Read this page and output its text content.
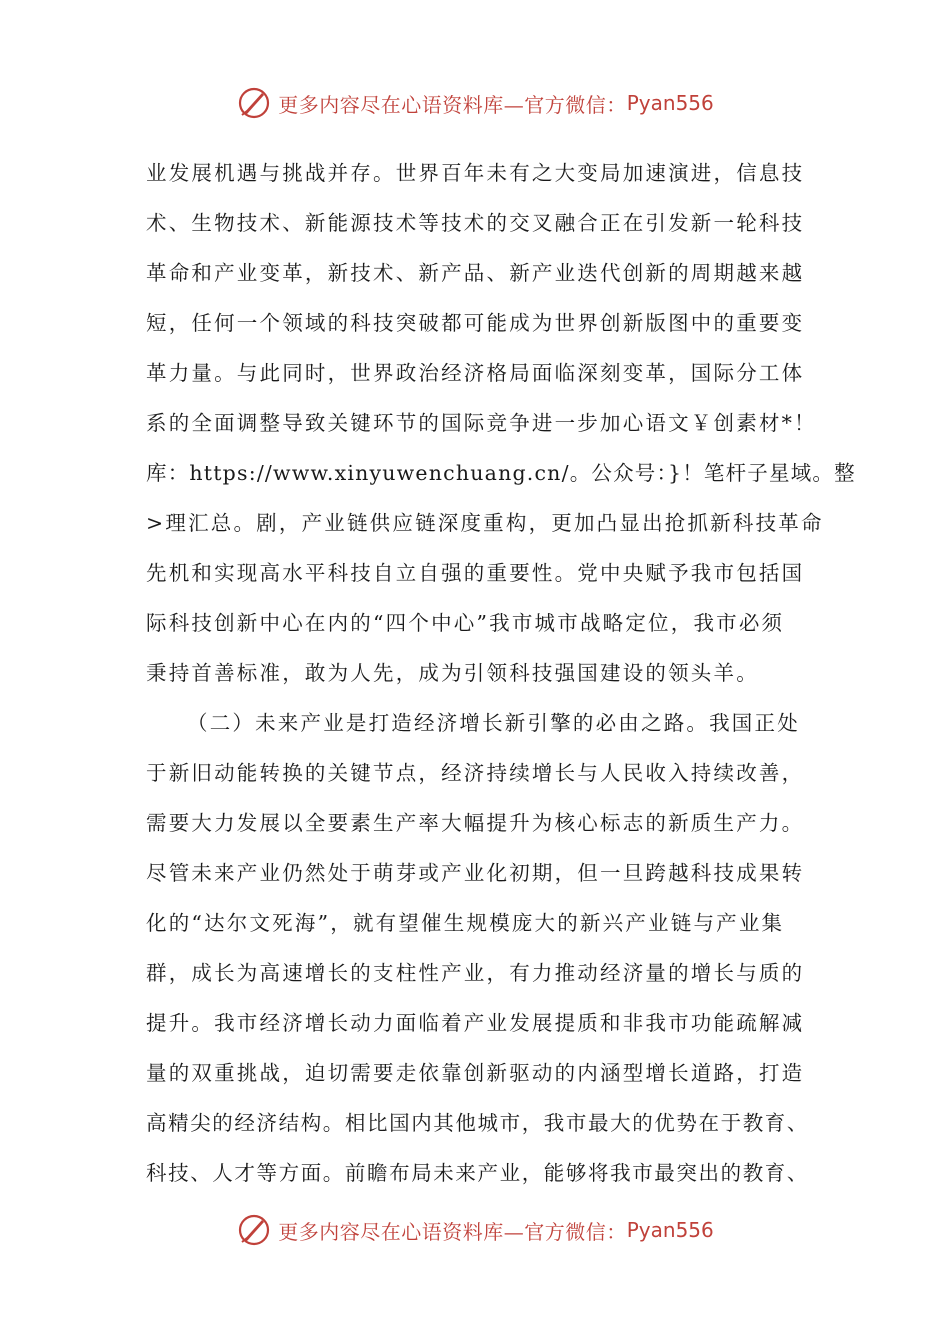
更多内容尽在心语资料库—官方微信： Pyan556
业发展机遇与挑战并存。世界百年未有之大变局加速演进，信息技
术、生物技术、新能源技术等技术的交叉融合正在引发新一轮科技
革命和产业变革，新技术、新产品、新产业迭代创新的周期越来越
短，任何一个领域的科技突破都可能成为世界创新版图中的重要变
革力量。与此同时，世界政治经济格局面临深刻变革，国际分工体
系的全面调整导致关键环节的国际竞争进一步加心语文￥创素材*！
库：https://www.xinyuwenchuang.cn/。公众号：}！笔杆子星域。整
>理汇总。剧，产业链供应链深度重构，更加凸显出抢抓新科技革命
先机和实现高水平科技自立自强的重要性。党中央赋予我市包括国
际科技创新中心在内的“四个中心”我市城市战略定位，我市必须
秉持首善标准，敢为人先，成为引领科技强国建设的领头羊。
（二）未来产业是打造经济增长新引擎的必由之路。我国正处
于新旧动能转换的关键节点，经济持续增长与人民收入持续改善，
需要大力发展以全要素生产率大幅提升为核心标志的新质生产力。
尽管未来产业仍然处于萌芽或产业化初期，但一旦跨越科技成果转
化的“达尔文死海”，就有望催生规模庞大的新兴产业链与产业集
群，成长为高速增长的支柱性产业，有力推动经济量的增长与质的
提升。我市经济增长动力面临着产业发展提质和非我市功能疏解减
量的双重挑战，迫切需要走依靠创新驱动的内涵型增长道路，打造
高精尖的经济结构。相比国内其他城市，我市最大的优势在于教育、
科技、人才等方面。前瞻布局未来产业，能够将我市最突出的教育、
更多内容尽在心语资料库—官方微信： Pyan556
